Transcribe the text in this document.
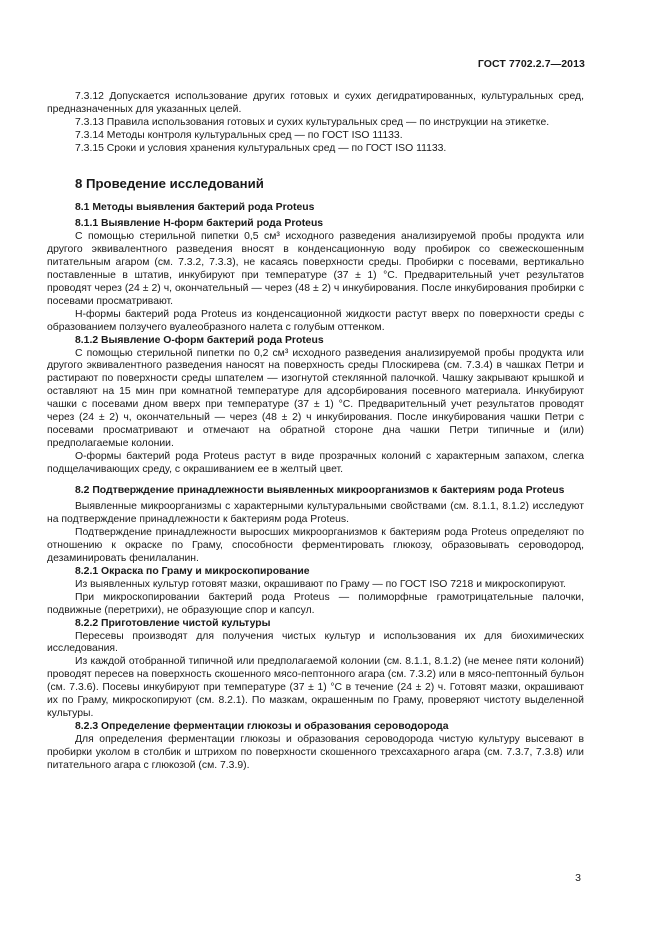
ГОСТ 7702.2.7—2013

7.3.12 Допускается использование других готовых и сухих дегидратированных, культуральных сред, предназначенных для указанных целей.

7.3.13 Правила использования готовых и сухих культуральных сред — по инструкции на этикетке.

7.3.14 Методы контроля культуральных сред — по ГОСТ ISO 11133.

7.3.15 Сроки и условия хранения культуральных сред — по ГОСТ ISO 11133.

8 Проведение исследований

8.1 Методы выявления бактерий рода Proteus

8.1.1 Выявление Н-форм бактерий рода Proteus

С помощью стерильной пипетки 0,5 см³ исходного разведения анализируемой пробы продукта или другого эквивалентного разведения вносят в конденсационную воду пробирок со свежескошенным питательным агаром (см. 7.3.2, 7.3.3), не касаясь поверхности среды. Пробирки с посевами, вертикально поставленные в штатив, инкубируют при температуре (37 ± 1) °С. Предварительный учет результатов проводят через (24 ± 2) ч, окончательный — через (48 ± 2) ч инкубирования. После инкубирования пробирки с посевами просматривают.

Н-формы бактерий рода Proteus из конденсационной жидкости растут вверх по поверхности среды с образованием ползучего вуалеобразного налета с голубым оттенком.

8.1.2 Выявление О-форм бактерий рода Proteus

С помощью стерильной пипетки по 0,2 см³ исходного разведения анализируемой пробы продукта или другого эквивалентного разведения наносят на поверхность среды Плоскирева (см. 7.3.4) в чашках Петри и растирают по поверхности среды шпателем — изогнутой стеклянной палочкой. Чашку закрывают крышкой и оставляют на 15 мин при комнатной температуре для адсорбирования посевного материала. Инкубируют чашки с посевами дном вверх при температуре (37 ± 1) °С. Предварительный учет результатов проводят через (24 ± 2) ч, окончательный — через (48 ± 2) ч инкубирования. После инкубирования чашки Петри с посевами просматривают и отмечают на обратной стороне дна чашки Петри типичные и (или) предполагаемые колонии.

О-формы бактерий рода Proteus растут в виде прозрачных колоний с характерным запахом, слегка подщелачивающих среду, с окрашиванием ее в желтый цвет.

8.2 Подтверждение принадлежности выявленных микроорганизмов к бактериям рода Proteus

Выявленные микроорганизмы с характерными культуральными свойствами (см. 8.1.1, 8.1.2) исследуют на подтверждение принадлежности к бактериям рода Proteus.

Подтверждение принадлежности выросших микроорганизмов к бактериям рода Proteus определяют по отношению к окраске по Граму, способности ферментировать глюкозу, образовывать сероводород, дезаминировать фенилаланин.

8.2.1 Окраска по Граму и микроскопирование

Из выявленных культур готовят мазки, окрашивают по Граму — по ГОСТ ISO 7218 и микроскопируют.

При микроскопировании бактерий рода Proteus — полиморфные грамотрицательные палочки, подвижные (перетрихи), не образующие спор и капсул.

8.2.2 Приготовление чистой культуры

Пересевы производят для получения чистых культур и использования их для биохимических исследования.

Из каждой отобранной типичной или предполагаемой колонии (см. 8.1.1, 8.1.2) (не менее пяти колоний) проводят пересев на поверхность скошенного мясо-пептонного агара (см. 7.3.2) или в мясо-пептонный бульон (см. 7.3.6). Посевы инкубируют при температуре (37 ± 1) °С в течение (24 ± 2) ч. Готовят мазки, окрашивают их по Граму, микроскопируют (см. 8.2.1). По мазкам, окрашенным по Граму, проверяют чистоту выделенной культуры.

8.2.3 Определение ферментации глюкозы и образования сероводорода

Для определения ферментации глюкозы и образования сероводорода чистую культуру высевают в пробирки уколом в столбик и штрихом по поверхности скошенного трехсахарного агара (см. 7.3.7, 7.3.8) или питательного агара с глюкозой (см. 7.3.9).

3
